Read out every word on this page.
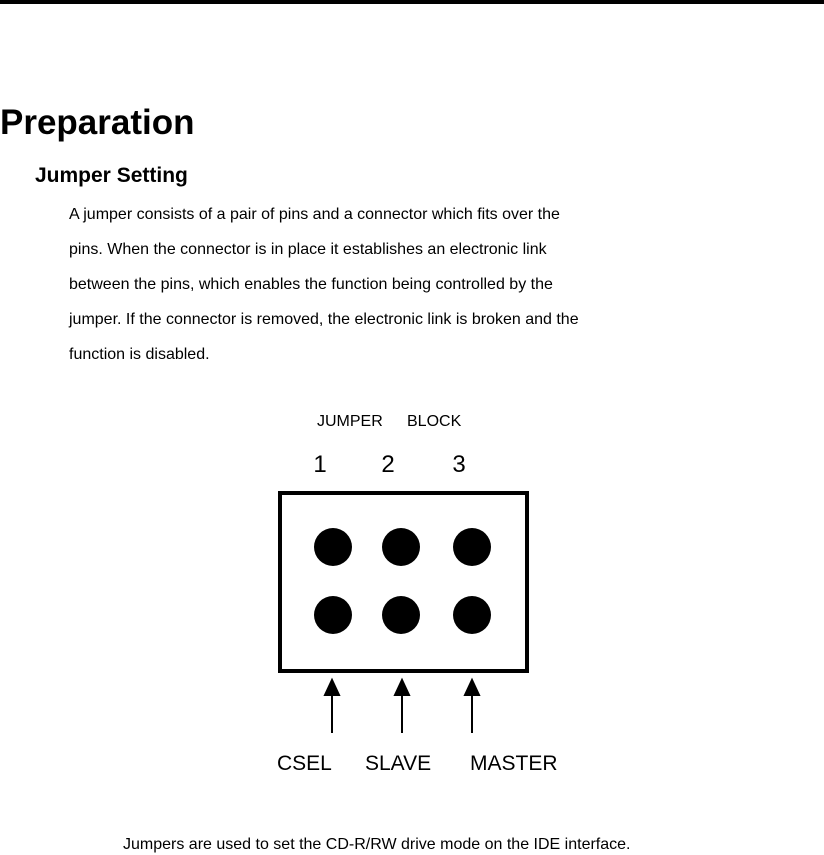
Preparation
Jumper Setting

A jumper consists of a pair of pins and a connector which fits over the
pins. When the connector is in place it establishes an electronic link
between the pins, which enables the function being controlled by the
jumper. If the connector is removed, the electronic link is broken and the
function is disabled.

JUMPER BLOCK
1	2	3
CSEL SLAVE MASTER
Jumpers are used to set the CD-R/RW drive mode on the IDE interface.
